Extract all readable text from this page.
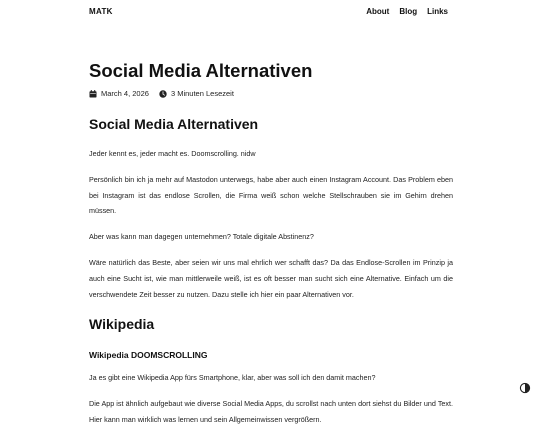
MATK	About Blog Links
Social Media Alternativen
March 4, 2026	3 Minuten Lesezeit
Social Media Alternativen

Jeder kennt es, jeder macht es. Doomscrolling. nidw

Persönlich bin ich ja mehr auf Mastodon unterwegs, habe aber auch einen Instagram Account. Das Problem eben bei Instagram ist das endlose Scrollen, die Firma weiß schon welche Stellschrauben sie im Gehirn drehen müssen.

Aber was kann man dagegen unternehmen? Totale digitale Abstinenz?

Wäre natürlich das Beste, aber seien wir uns mal ehrlich wer schafft das? Da das Endlose-Scrollen im Prinzip ja auch eine Sucht ist, wie man mittlerweile weiß, ist es oft besser man sucht sich eine Alternative. Einfach um die verschwendete Zeit besser zu nutzen. Dazu stelle ich hier ein paar Alternativen vor.

Wikipedia
Wikipedia DOOMSCROLLING

Ja es gibt eine Wikipedia App fürs Smartphone, klar, aber was soll ich den damit machen?

Die App ist ähnlich aufgebaut wie diverse Social Media Apps, du scrollst nach unten dort siehst du Bilder und Text. Hier kann man wirklich was lernen und sein Allgemeinwissen vergrößern.
